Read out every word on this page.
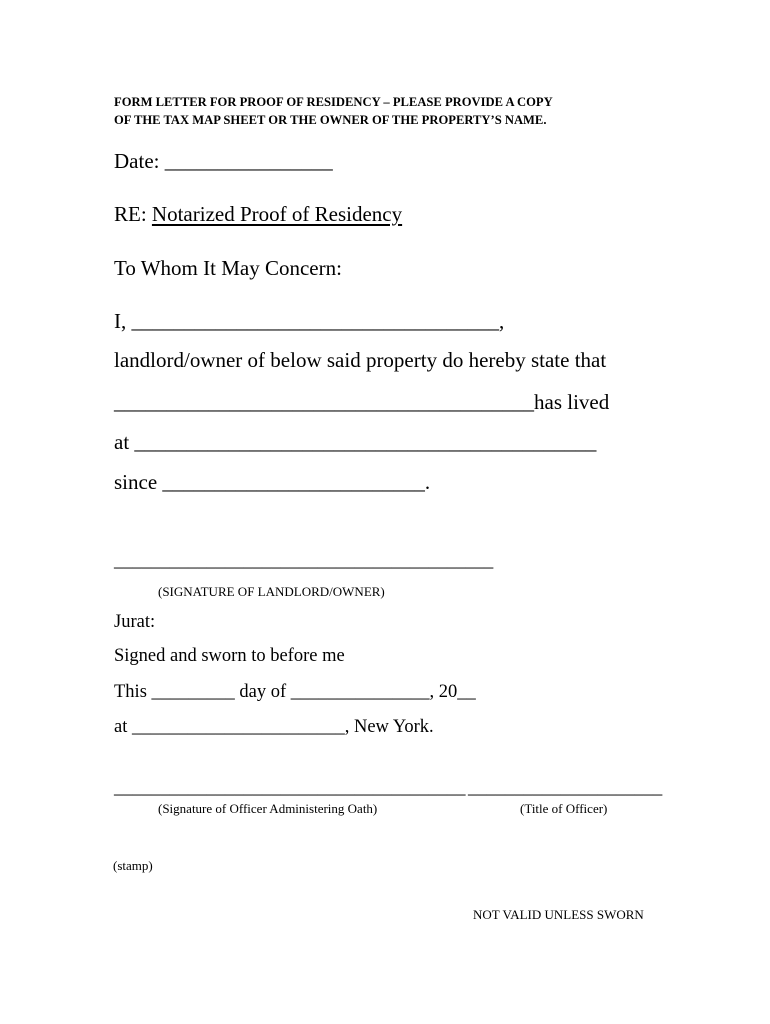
FORM LETTER FOR PROOF OF RESIDENCY – PLEASE PROVIDE A COPY
OF THE TAX MAP SHEET OR THE OWNER OF THE PROPERTY’S NAME.
Date: ________________
RE: Notarized Proof of Residency
To Whom It May Concern:
I, ___________________________________,
landlord/owner of below said property do hereby state that
________________________________________has lived
at ____________________________________________
since _________________________.
_________________________________________
(SIGNATURE OF LANDLORD/OWNER)
Jurat:
Signed and sworn to before me
This _________ day of _______________, 20__
at _______________________, New York.
______________________________________
(Signature of Officer Administering Oath)
_____________________
(Title of Officer)
(stamp)
NOT VALID UNLESS SWORN
